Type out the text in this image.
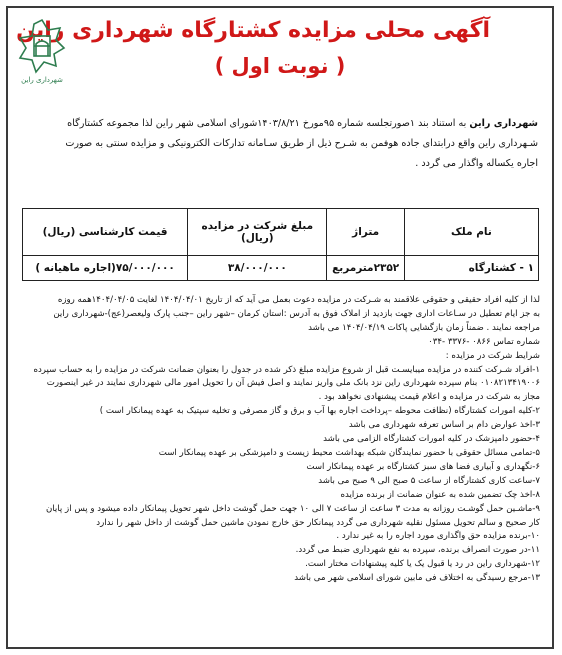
آگهی محلی مزایده کشتارگاه شهرداری راین
( نوبت اول )
شهرداری راین
شهرداری راین به استناد بند ۱صورتجلسه شماره ۹۵مورخ ۱۴۰۳/۸/۲۱شورای اسلامی شهر راین لذا مجموعه کشتارگاه
شـهرداری راین واقع درابتدای جاده هوفمن به شـرح ذیل از طریق سـامانه تدارکات الکترونیکی و مزایده سنتی به صورت
اجاره یکساله واگذار می گردد .
نام ملک	متراژ	مبلغ شرکت در مزایده (ریال)	قیمت کارشناسی (ریال)
۱ - کشتارگاه	۲۳۵۲مترمربع	۳۸/۰۰۰/۰۰۰	۷۵/۰۰۰/۰۰۰(اجاره ماهیانه )

لذا از کلیه افراد حقیقی و حقوقی علاقمند به شـرکت در مزایده دعوت بعمل می آید که از تاریخ ۱۴۰۴/۰۴/۰۱ لغایت ۱۴۰۴/۰۴/۰۵همه روزه

به جز ایام تعطیل در سـاعات اداری جهت بازدید از املاک فوق به آدرس :استان کرمان –شهر راین –جنب پارک ولیعصر(عج)-شهرداری راین

مراجعه نمایند . ضمناً زمان بازگشایی پاکات ۱۴۰۴/۰۴/۱۹ می باشد

شماره تماس ۰۸۶۶ -۳۳۷۶ -۰۳۴

شرایط شرکت در مزایده :

۱-افراد شـرکت کننده در مزایده میبایسـت قبل از شروع مزایده مبلغ ذکر شده در جدول را بعنوان ضمانت شرکت در مزایده را به حساب سپرده

۰۱۰۸۲۱۳۴۱۹۰۰۶ بنام سپرده شهرداری راین نزد بانک ملی واریز نمایند و اصل فیش آن را تحویل امور مالی شهرداری نمایند در غیر اینصورت

مجاز به شرکت در مزایده و اعلام قیمت پیشنهادی نخواهد بود .

۲-کلیه امورات کشتارگاه (نظافت محوطه –پرداخت اجاره بها آب و برق و گاز مصرفی و تخلیه سپتیک به عهده پیمانکار است )

۳-اخذ عوارض دام بر اساس تعرفه شهرداری می باشد

۴-حضور دامپزشک در کلیه امورات کشتارگاه الزامی می باشد

۵-تمامی مسائل حقوقی با حضور نمایندگان شبکه بهداشت محیط زیست و دامپزشکی بر عهده پیمانکار است

۶-نگهداری و آبیاری فضا های سبز کشتارگاه بر عهده پیمانکار است

۷-ساعت کاری کشتارگاه از ساعت ۵ صبح الی ۹ صبح می باشد

۸-اخذ چک تضمین شده به عنوان ضمانت از برنده مزایده

۹-ماشـین حمل گوشـت روزانه به مدت ۳ ساعت از ساعت ۷ الی ۱۰ جهت حمل گوشت داخل شهر تحویل پیمانکار داده میشود و پس از پایان

کار صحیح و سالم تحویل مسئول نقلیه شهرداری می گردد پیمانکار حق خارج نمودن ماشین حمل گوشت از داخل شهر را ندارد

۱۰-برنده مزایده حق واگذاری مورد اجاره را به غیر ندارد .

۱۱-در صورت انصراف برنده، سپرده به نفع شهرداری ضبط می گردد.

۱۲-شهرداری راین در رد یا قبول یک یا کلیه پیشنهادات مختار است.

۱۳-مرجع رسیدگی به اختلاف فی مابین شورای اسلامی شهر می باشد
